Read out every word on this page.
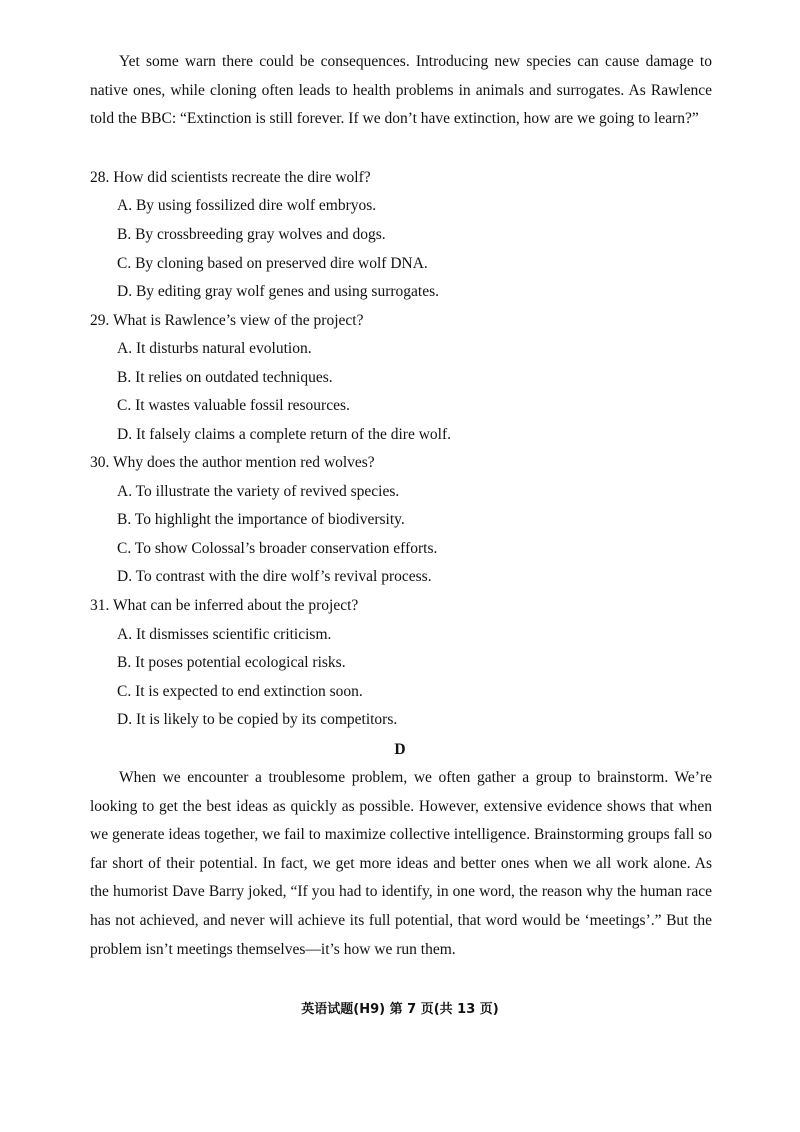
Yet some warn there could be consequences. Introducing new species can cause damage to native ones, while cloning often leads to health problems in animals and surrogates. As Rawlence told the BBC: “Extinction is still forever. If we don’t have extinction, how are we going to learn?”

28. How did scientists recreate the dire wolf?
A. By using fossilized dire wolf embryos.
B. By crossbreeding gray wolves and dogs.
C. By cloning based on preserved dire wolf DNA.
D. By editing gray wolf genes and using surrogates.
29. What is Rawlence’s view of the project?
A. It disturbs natural evolution.
B. It relies on outdated techniques.
C. It wastes valuable fossil resources.
D. It falsely claims a complete return of the dire wolf.
30. Why does the author mention red wolves?
A. To illustrate the variety of revived species.
B. To highlight the importance of biodiversity.
C. To show Colossal’s broader conservation efforts.
D. To contrast with the dire wolf’s revival process.
31. What can be inferred about the project?
A. It dismisses scientific criticism.
B. It poses potential ecological risks.
C. It is expected to end extinction soon.
D. It is likely to be copied by its competitors.
D

When we encounter a troublesome problem, we often gather a group to brainstorm. We’re looking to get the best ideas as quickly as possible. However, extensive evidence shows that when we generate ideas together, we fail to maximize collective intelligence. Brainstorming groups fall so far short of their potential. In fact, we get more ideas and better ones when we all work alone. As the humorist Dave Barry joked, “If you had to identify, in one word, the reason why the human race has not achieved, and never will achieve its full potential, that word would be ‘meetings’.” But the problem isn’t meetings themselves—it’s how we run them.

英语试题(H9) 第 7 页(共 13 页)
